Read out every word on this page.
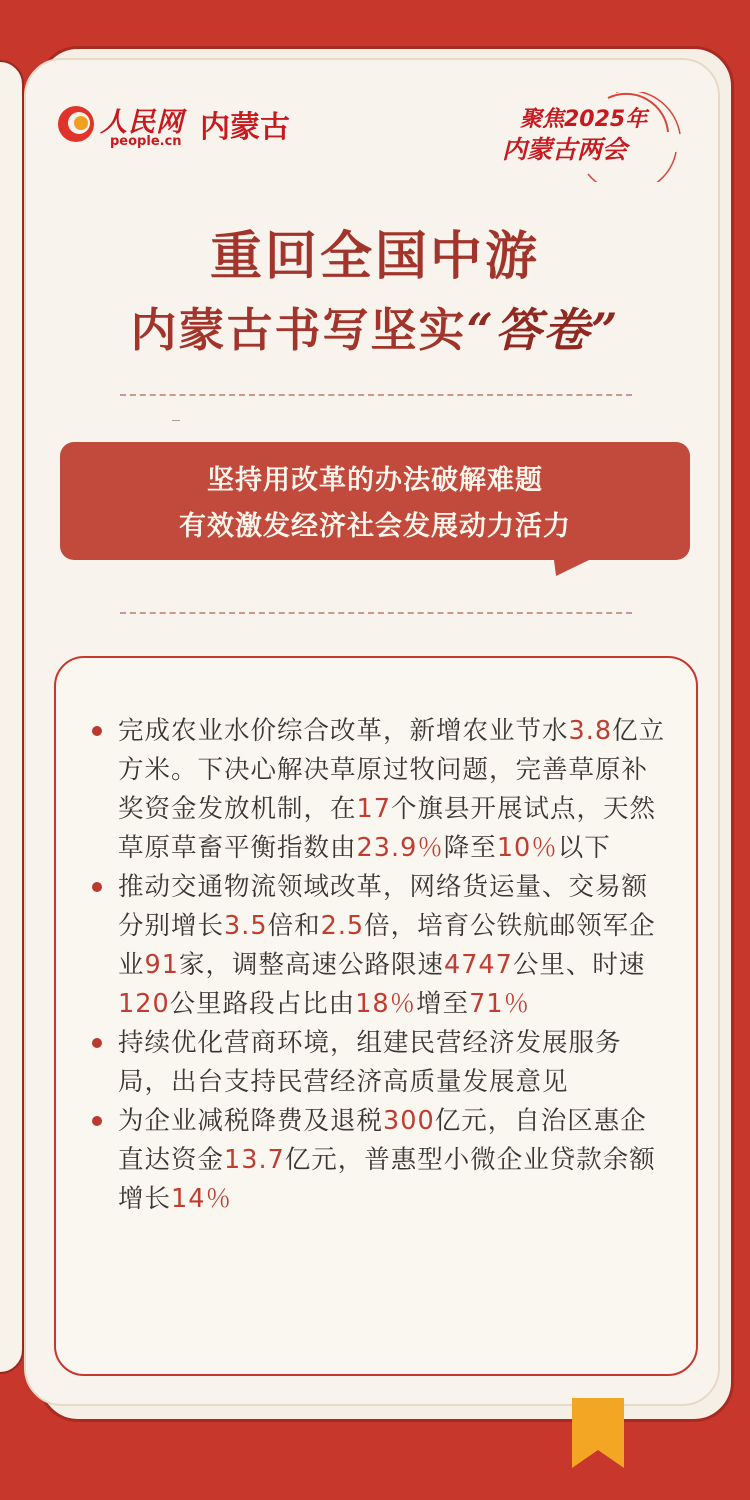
人民网
people.cn 内蒙古	聚焦2025年
内蒙古两会
重回全国中游
内蒙古书写坚实“答卷”
坚持用改革的办法破解难题
有效激发经济社会发展动力活力
完成农业水价综合改革，新增农业节水3.8亿立方米。下决心解决草原过牧问题，完善草原补奖资金发放机制，在17个旗县开展试点，天然草原草畜平衡指数由23.9％降至10％以下
推动交通物流领域改革，网络货运量、交易额分别增长3.5倍和2.5倍，培育公铁航邮领军企业91家，调整高速公路限速4747公里、时速120公里路段占比由18％增至71％
持续优化营商环境，组建民营经济发展服务局，出台支持民营经济高质量发展意见
为企业减税降费及退税300亿元，自治区惠企直达资金13.7亿元，普惠型小微企业贷款余额增长14％
